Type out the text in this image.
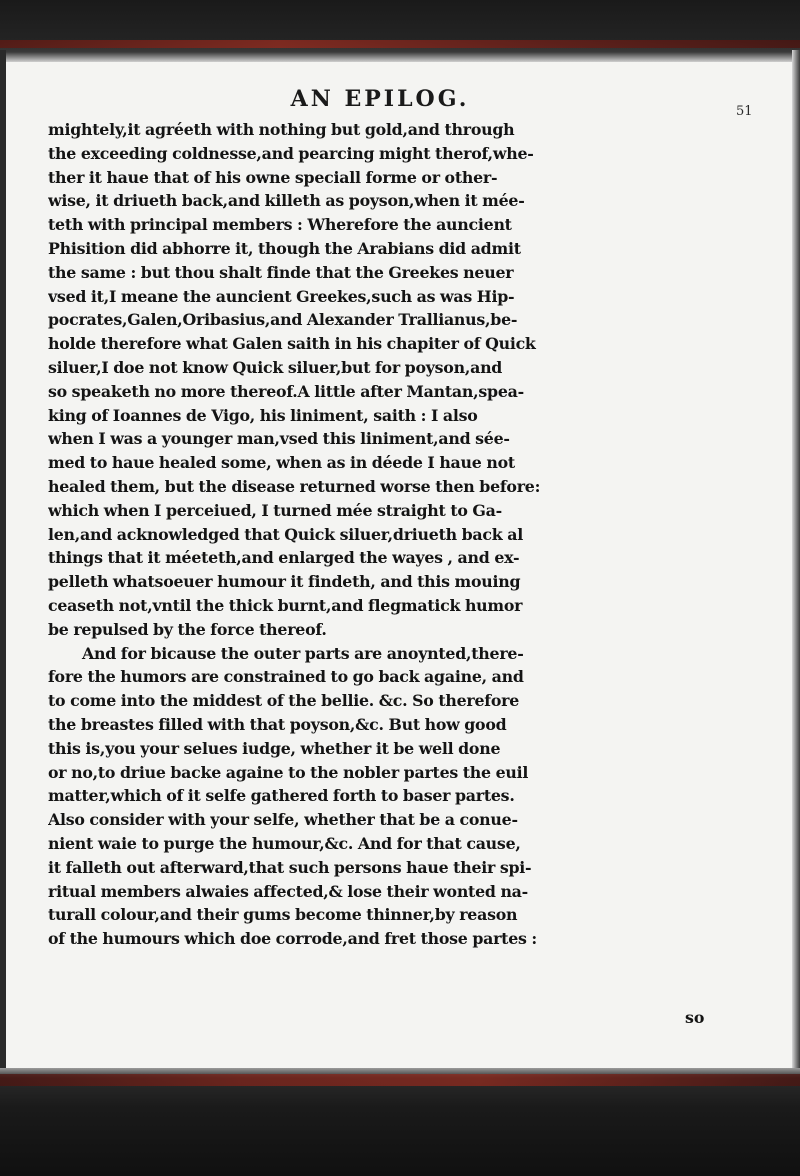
AN EPILOG.	51
mightely,it agréeth with nothing but gold,and through
the exceeding coldnesse,and pearcing might therof,whe-
ther it haue that of his owne speciall forme or other-
wise, it driueth back,and killeth as poyson,when it mée-
teth with principal members : Wherefore the auncient
Phisition did abhorre it, though the Arabians did admit
the same : but thou shalt finde that the Greekes neuer
vsed it,I meane the auncient Greekes,such as was Hip-
pocrates,Galen,Oribasius,and Alexander Trallianus,be-
holde therefore what Galen saith in his chapiter of Quick
siluer,I doe not know Quick siluer,but for poyson,and
so speaketh no more thereof.A little after Mantan,spea-
king of Ioannes de Vigo, his liniment, saith : I also
when I was a younger man,vsed this liniment,and sée-
med to haue healed some, when as in déede I haue not
healed them, but the disease returned worse then before:
which when I perceiued, I turned mée straight to Ga-
len,and acknowledged that Quick siluer,driueth back al
things that it méeteth,and enlarged the wayes , and ex-
pelleth whatsoeuer humour it findeth, and this mouing
ceaseth not,vntil the thick burnt,and flegmatick humor
be repulsed by the force thereof.
And for bicause the outer parts are anoynted,there-
fore the humors are constrained to go back againe, and
to come into the middest of the bellie. &c. So therefore
the breastes filled with that poyson,&c. But how good
this is,you your selues iudge, whether it be well done
or no,to driue backe againe to the nobler partes the euil
matter,which of it selfe gathered forth to baser partes.
Also consider with your selfe, whether that be a conue-
nient waie to purge the humour,&c. And for that cause,
it falleth out afterward,that such persons haue their spi-
ritual members alwaies affected,& lose their wonted na-
turall colour,and their gums become thinner,by reason
of the humours which doe corrode,and fret those partes :
so
